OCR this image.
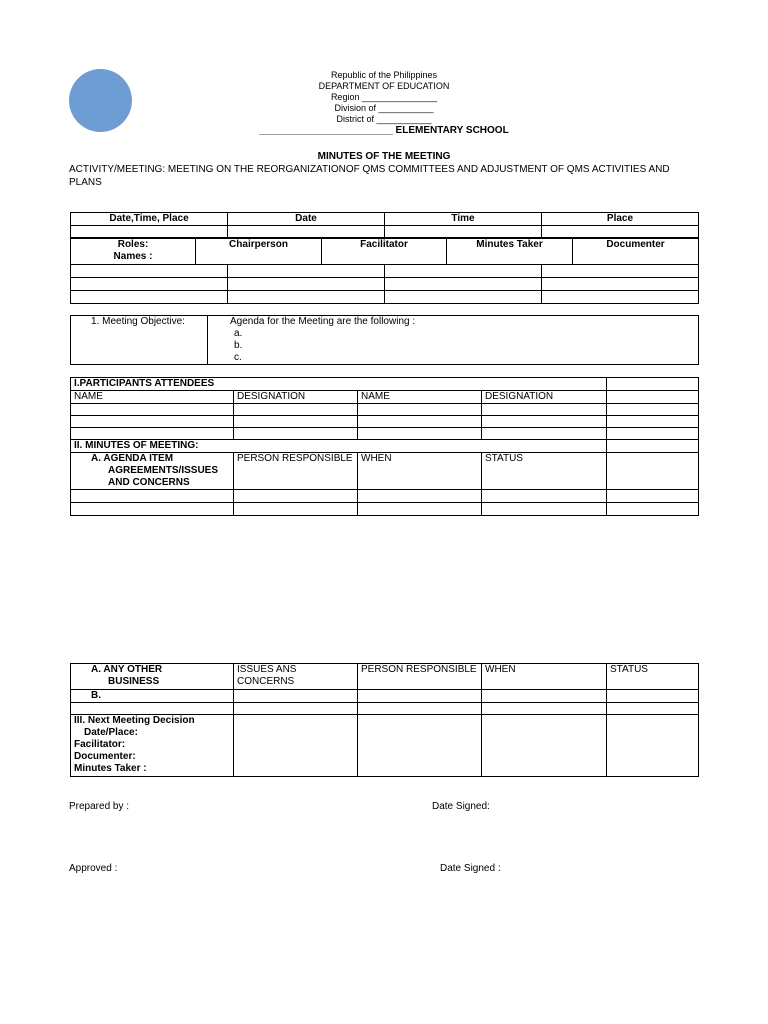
Republic of the Philippines
DEPARTMENT OF EDUCATION
Region _______________
Division of ___________
District of ___________
________________________ ELEMENTARY SCHOOL
MINUTES OF THE MEETING
ACTIVITY/MEETING: MEETING ON THE REORGANIZATIONOF QMS COMMITTEES AND ADJUSTMENT OF QMS ACTIVITIES AND PLANS
Date,Time, Place	Date	Time	Place

Roles:
Names :	Chairperson	Facilitator	Minutes Taker	Documenter

1. Meeting Objective:	Agenda for the Meeting are the following :
a.
b.
c.
I.PARTICIPANTS ATTENDEES				
NAME	DESIGNATION	NAME	DESIGNATION	

II. MINUTES OF MEETING:				

A. AGENDA ITEM
AGREEMENTS/ISSUES
AND CONCERNS	PERSON RESPONSIBLE	WHEN	STATUS	

A. ANY OTHER
BUSINESS	ISSUES ANS CONCERNS	PERSON RESPONSIBLE	WHEN	STATUS
B.				

III. Next Meeting Decision
Date/Place:
Facilitator:
Documenter:
Minutes Taker :				

Prepared by :	Date Signed:
Approved :	Date Signed :
